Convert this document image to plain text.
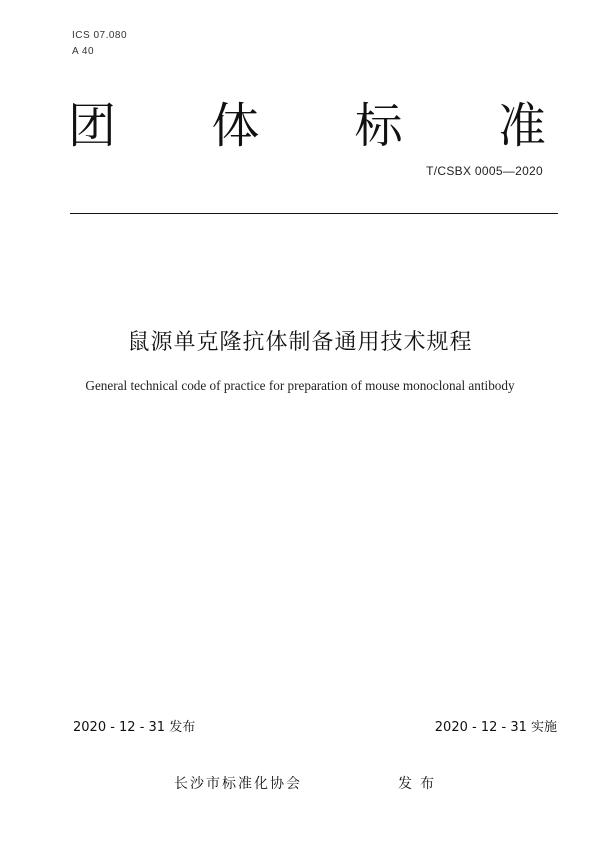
ICS 07.080
A 40
团 体 标 准
T/CSBX 0005—2020
鼠源单克隆抗体制备通用技术规程
General technical code of practice for preparation of mouse monoclonal antibody
2020 - 12 - 31 发布	2020 - 12 - 31 实施
长沙市标准化协会	发布
